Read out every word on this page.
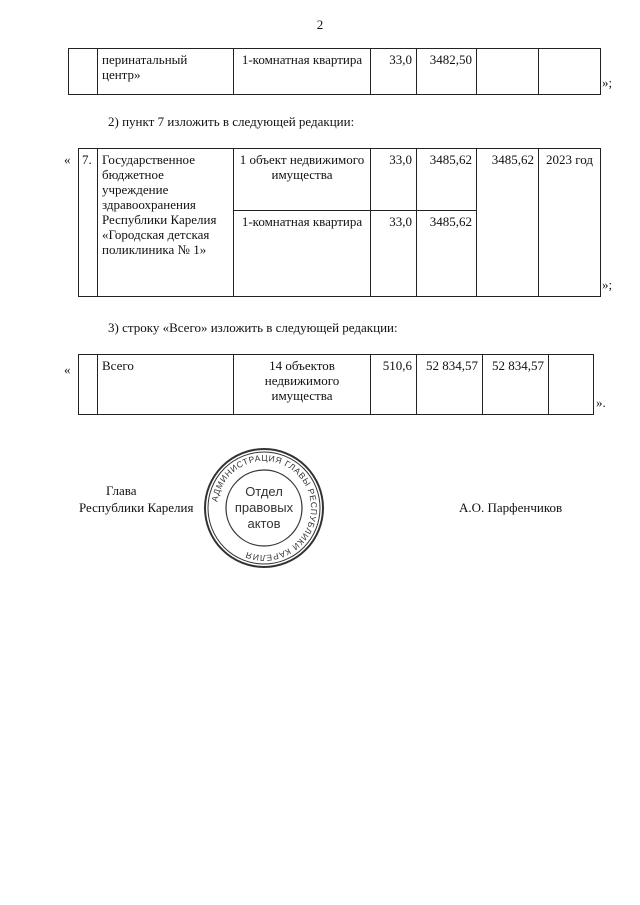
2
	перинатальный центр»	1-комнатная квартира	33,0	3482,50		
»;
2) пункт 7 изложить в следующей редакции:
« 7.	Государственное бюджетное учреждение здравоохранения Республики Карелия «Городская детская поликлиника № 1»	1 объект недвижимого имущества	33,0	3485,62	3485,62	2023 год
		1-комнатная квартира	33,0	3485,62		
»;
3) строку «Всего» изложить в следующей редакции:
«
	Всего	14 объектов недвижимого имущества	510,6	52 834,57	52 834,57	
».
Глава
Республики Карелия	А.О. Парфенчиков
АДМИНИСТРАЦИЯ ГЛАВЫ РЕСПУБЛИКИ КАРЕЛИЯ
Отдел
правовых
актов
